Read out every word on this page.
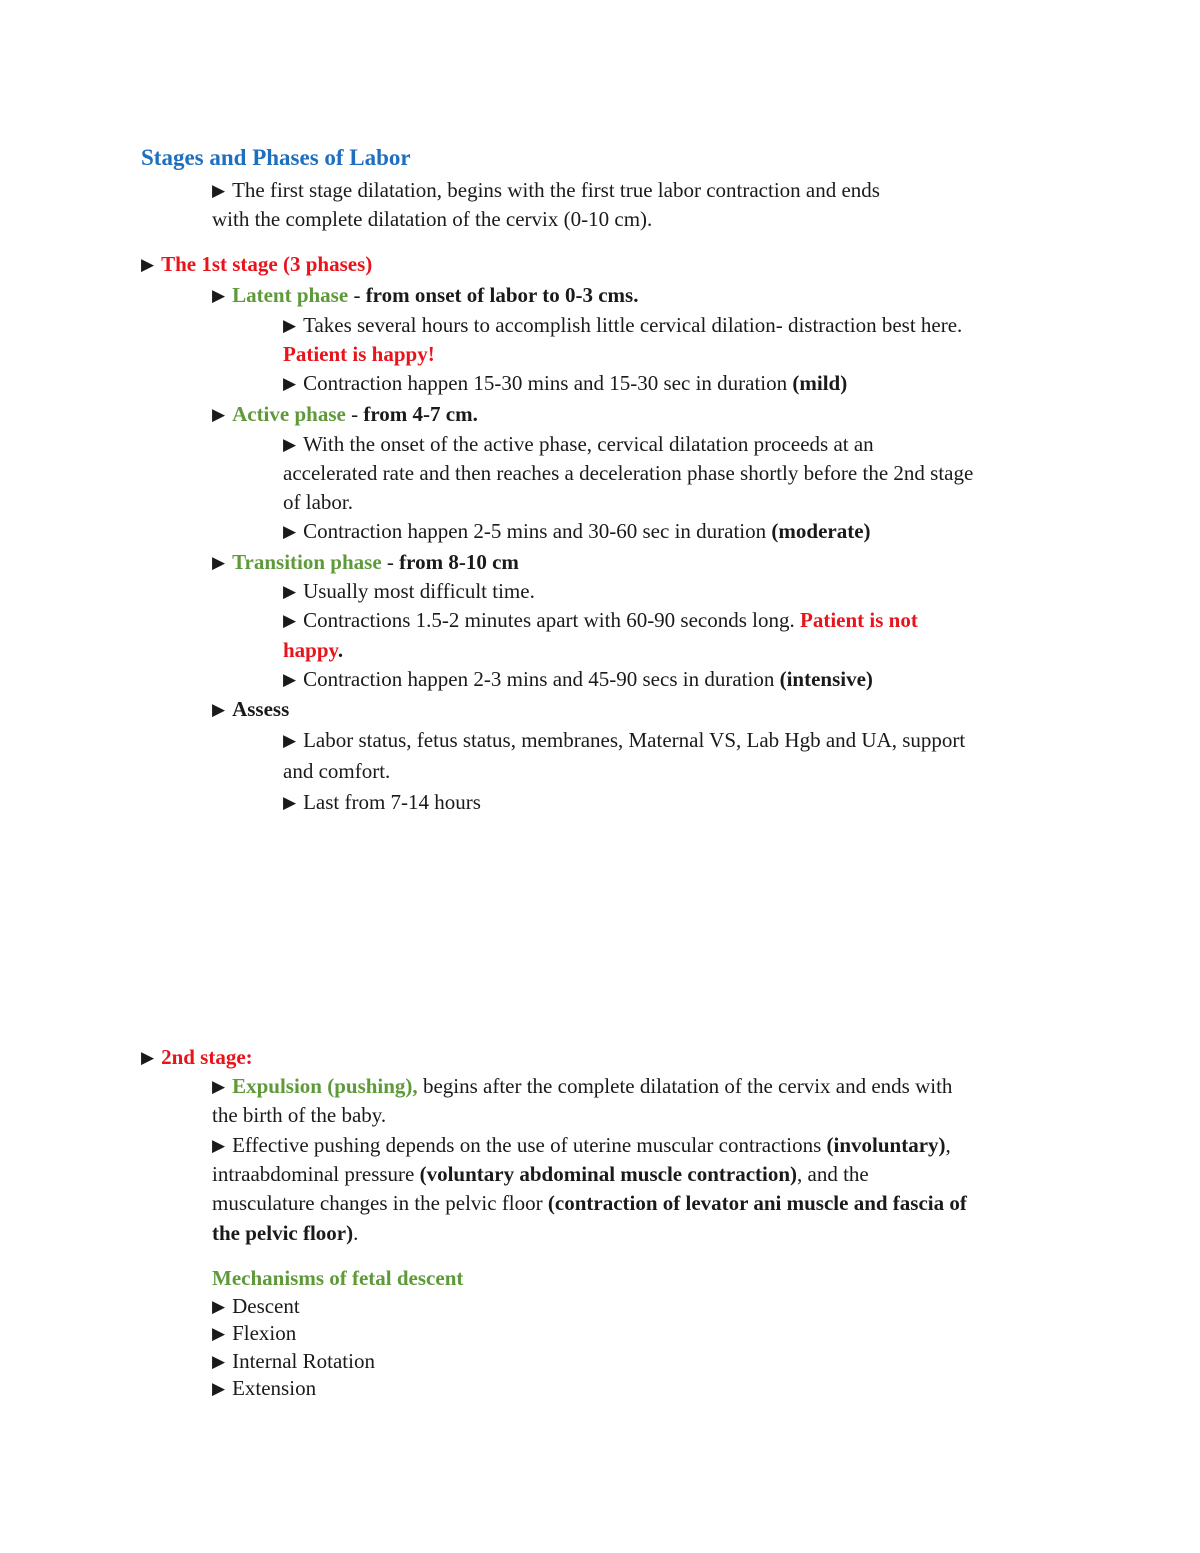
Stages and Phases of Labor
▶ The first stage dilatation, begins with the first true labor contraction and ends
with the complete dilatation of the cervix (0-10 cm).
▶ The 1st stage (3 phases)
▶ Latent phase - from onset of labor to 0-3 cms.
▶ Takes several hours to accomplish little cervical dilation- distraction best here.
Patient is happy!
▶ Contraction happen 15-30 mins and 15-30 sec in duration (mild)
▶ Active phase - from 4-7 cm.
▶ With the onset of the active phase, cervical dilatation proceeds at an
accelerated rate and then reaches a deceleration phase shortly before the 2nd stage
of labor.
▶ Contraction happen 2-5 mins and 30-60 sec in duration (moderate)
▶ Transition phase - from 8-10 cm
▶ Usually most difficult time.
▶ Contractions 1.5-2 minutes apart with 60-90 seconds long. Patient is not
happy.
▶ Contraction happen 2-3 mins and 45-90 secs in duration (intensive)
▶ Assess
▶ Labor status, fetus status, membranes, Maternal VS, Lab Hgb and UA, support
and comfort.
▶ Last from 7-14 hours
▶ 2nd stage:
▶ Expulsion (pushing), begins after the complete dilatation of the cervix and ends with
the birth of the baby.
▶ Effective pushing depends on the use of uterine muscular contractions (involuntary),
intraabdominal pressure (voluntary abdominal muscle contraction), and the
musculature changes in the pelvic floor (contraction of levator ani muscle and fascia of
the pelvic floor).
Mechanisms of fetal descent
▶ Descent
▶ Flexion
▶ Internal Rotation
▶ Extension
